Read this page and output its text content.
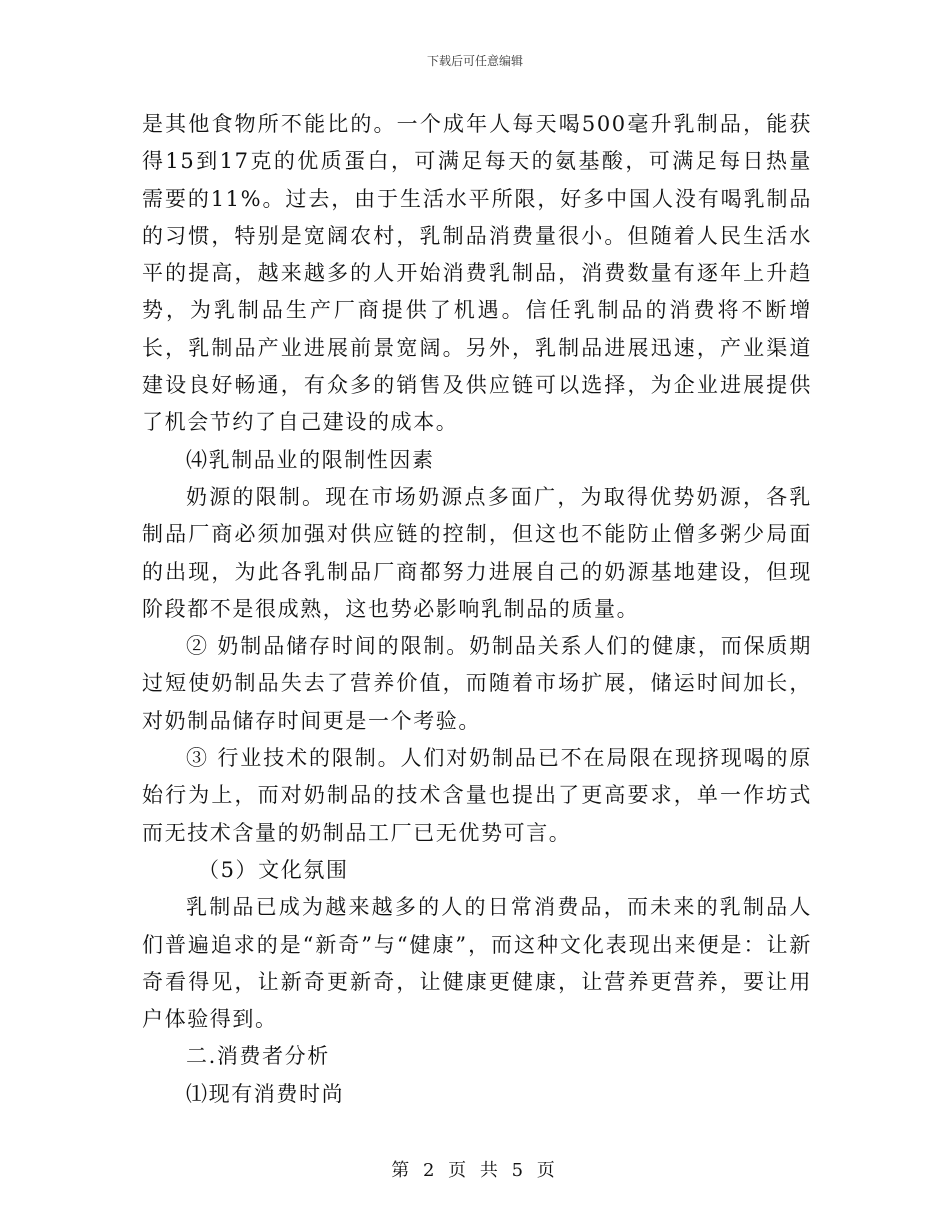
下载后可任意编辑

是其他食物所不能比的。一个成年人每天喝500毫升乳制品，能获得15到17克的优质蛋白，可满足每天的氨基酸，可满足每日热量需要的11%。过去，由于生活水平所限，好多中国人没有喝乳制品的习惯，特别是宽阔农村，乳制品消费量很小。但随着人民生活水平的提高，越来越多的人开始消费乳制品，消费数量有逐年上升趋势，为乳制品生产厂商提供了机遇。信任乳制品的消费将不断增长，乳制品产业进展前景宽阔。另外，乳制品进展迅速，产业渠道建设良好畅通，有众多的销售及供应链可以选择，为企业进展提供了机会节约了自己建设的成本。

⑷乳制品业的限制性因素

奶源的限制。现在市场奶源点多面广，为取得优势奶源，各乳制品厂商必须加强对供应链的控制，但这也不能防止僧多粥少局面的出现，为此各乳制品厂商都努力进展自己的奶源基地建设，但现阶段都不是很成熟，这也势必影响乳制品的质量。

② 奶制品储存时间的限制。奶制品关系人们的健康，而保质期过短使奶制品失去了营养价值，而随着市场扩展，储运时间加长，对奶制品储存时间更是一个考验。

③ 行业技术的限制。人们对奶制品已不在局限在现挤现喝的原始行为上，而对奶制品的技术含量也提出了更高要求，单一作坊式而无技术含量的奶制品工厂已无优势可言。

（5）文化氛围

乳制品已成为越来越多的人的日常消费品，而未来的乳制品人们普遍追求的是“新奇”与“健康”，而这种文化表现出来便是：让新奇看得见，让新奇更新奇，让健康更健康，让营养更营养，要让用户体验得到。

二.消费者分析

⑴现有消费时尚

第 2 页 共 5 页
